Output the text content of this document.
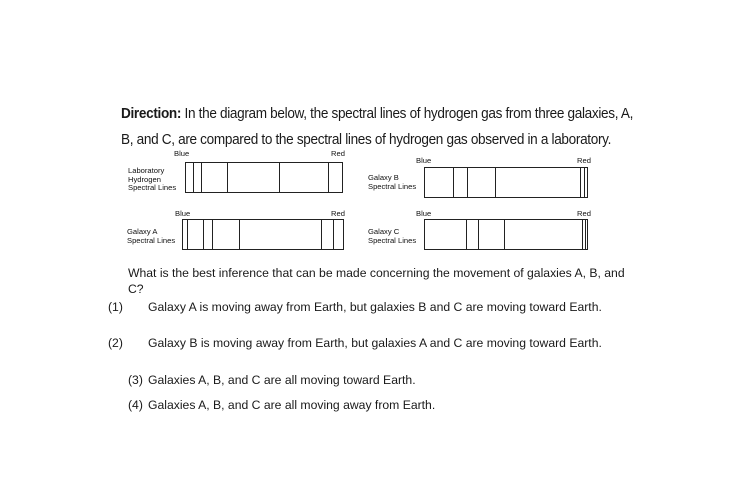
Direction: In the diagram below, the spectral lines of hydrogen gas from three galaxies, A,
B, and C, are compared to the spectral lines of hydrogen gas observed in a laboratory.
Blue	Red
Laboratory
Hydrogen
Spectral Lines
Blue	Red
Galaxy B
Spectral Lines
Blue	Red
Galaxy A
Spectral Lines
Blue	Red
Galaxy C
Spectral Lines
What is the best inference that can be made concerning the movement of galaxies A, B, and C?
(1) Galaxy A is moving away from Earth, but galaxies B and C are moving toward Earth.
(2) Galaxy B is moving away from Earth, but galaxies A and C are moving toward Earth.
(3) Galaxies A, B, and C are all moving toward Earth.
(4) Galaxies A, B, and C are all moving away from Earth.
